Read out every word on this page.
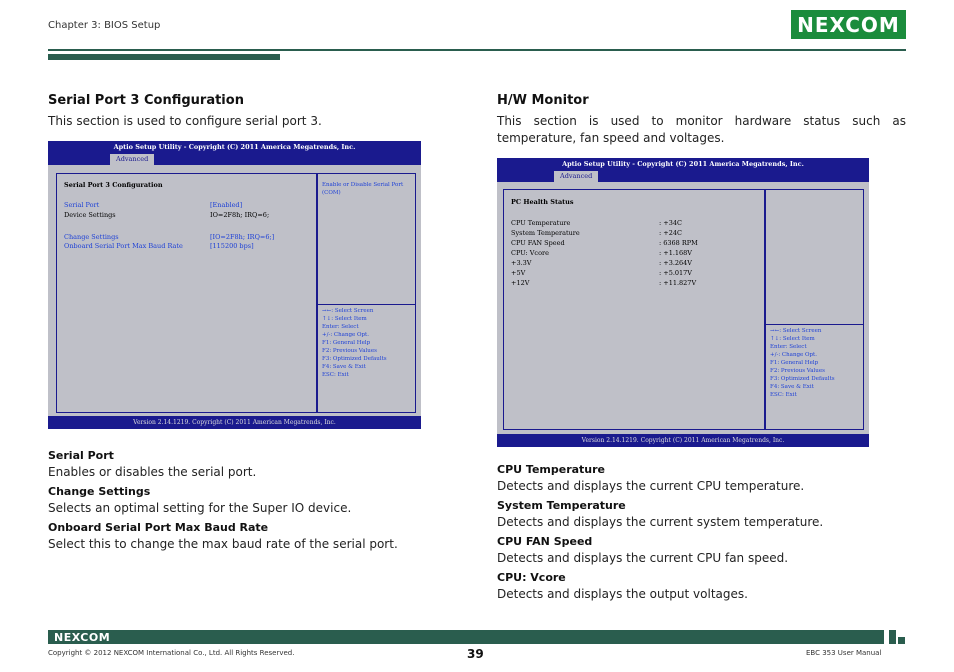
Chapter 3: BIOS Setup	NEXCOM
Serial Port 3 Configuration
This section is used to configure serial port 3.
Aptio Setup Utility - Copyright (C) 2011 America Megatrends, Inc.
Advanced
Serial Port 3 Configuration
Serial Port	[Enabled]
Device Settings	IO=2F8h; IRQ=6;
Change Settings	[IO=2F8h; IRQ=6;]
Onboard Serial Port Max Baud Rate	[115200 bps]
Enable or Disable Serial Port
(COM)
→←: Select Screen
↑↓: Select Item
Enter: Select
+/-: Change Opt.
F1: General Help
F2: Previous Values
F3: Optimized Defaults
F4: Save & Exit
ESC: Exit
Version 2.14.1219. Copyright (C) 2011 American Megatrends, Inc.
Serial Port
Enables or disables the serial port.
Change Settings
Selects an optimal setting for the Super IO device.
Onboard Serial Port Max Baud Rate
Select this to change the max baud rate of the serial port.
H/W Monitor
This section is used to monitor hardware status such as temperature, fan speed and voltages.
Aptio Setup Utility - Copyright (C) 2011 America Megatrends, Inc.
Advanced
PC Health Status
CPU Temperature	: +34C
System Temperature	: +24C
CPU FAN Speed	: 6368 RPM
CPU: Vcore	: +1.168V
+3.3V	: +3.264V
+5V	: +5.017V
+12V	: +11.827V
→←: Select Screen
↑↓: Select Item
Enter: Select
+/-: Change Opt.
F1: General Help
F2: Previous Values
F3: Optimized Defaults
F4: Save & Exit
ESC: Exit
Version 2.14.1219. Copyright (C) 2011 American Megatrends, Inc.
CPU Temperature
Detects and displays the current CPU temperature.
System Temperature
Detects and displays the current system temperature.
CPU FAN Speed
Detects and displays the current CPU fan speed.
CPU: Vcore
Detects and displays the output voltages.
NEXCOM
Copyright © 2012 NEXCOM International Co., Ltd. All Rights Reserved.	39	EBC 353 User Manual
